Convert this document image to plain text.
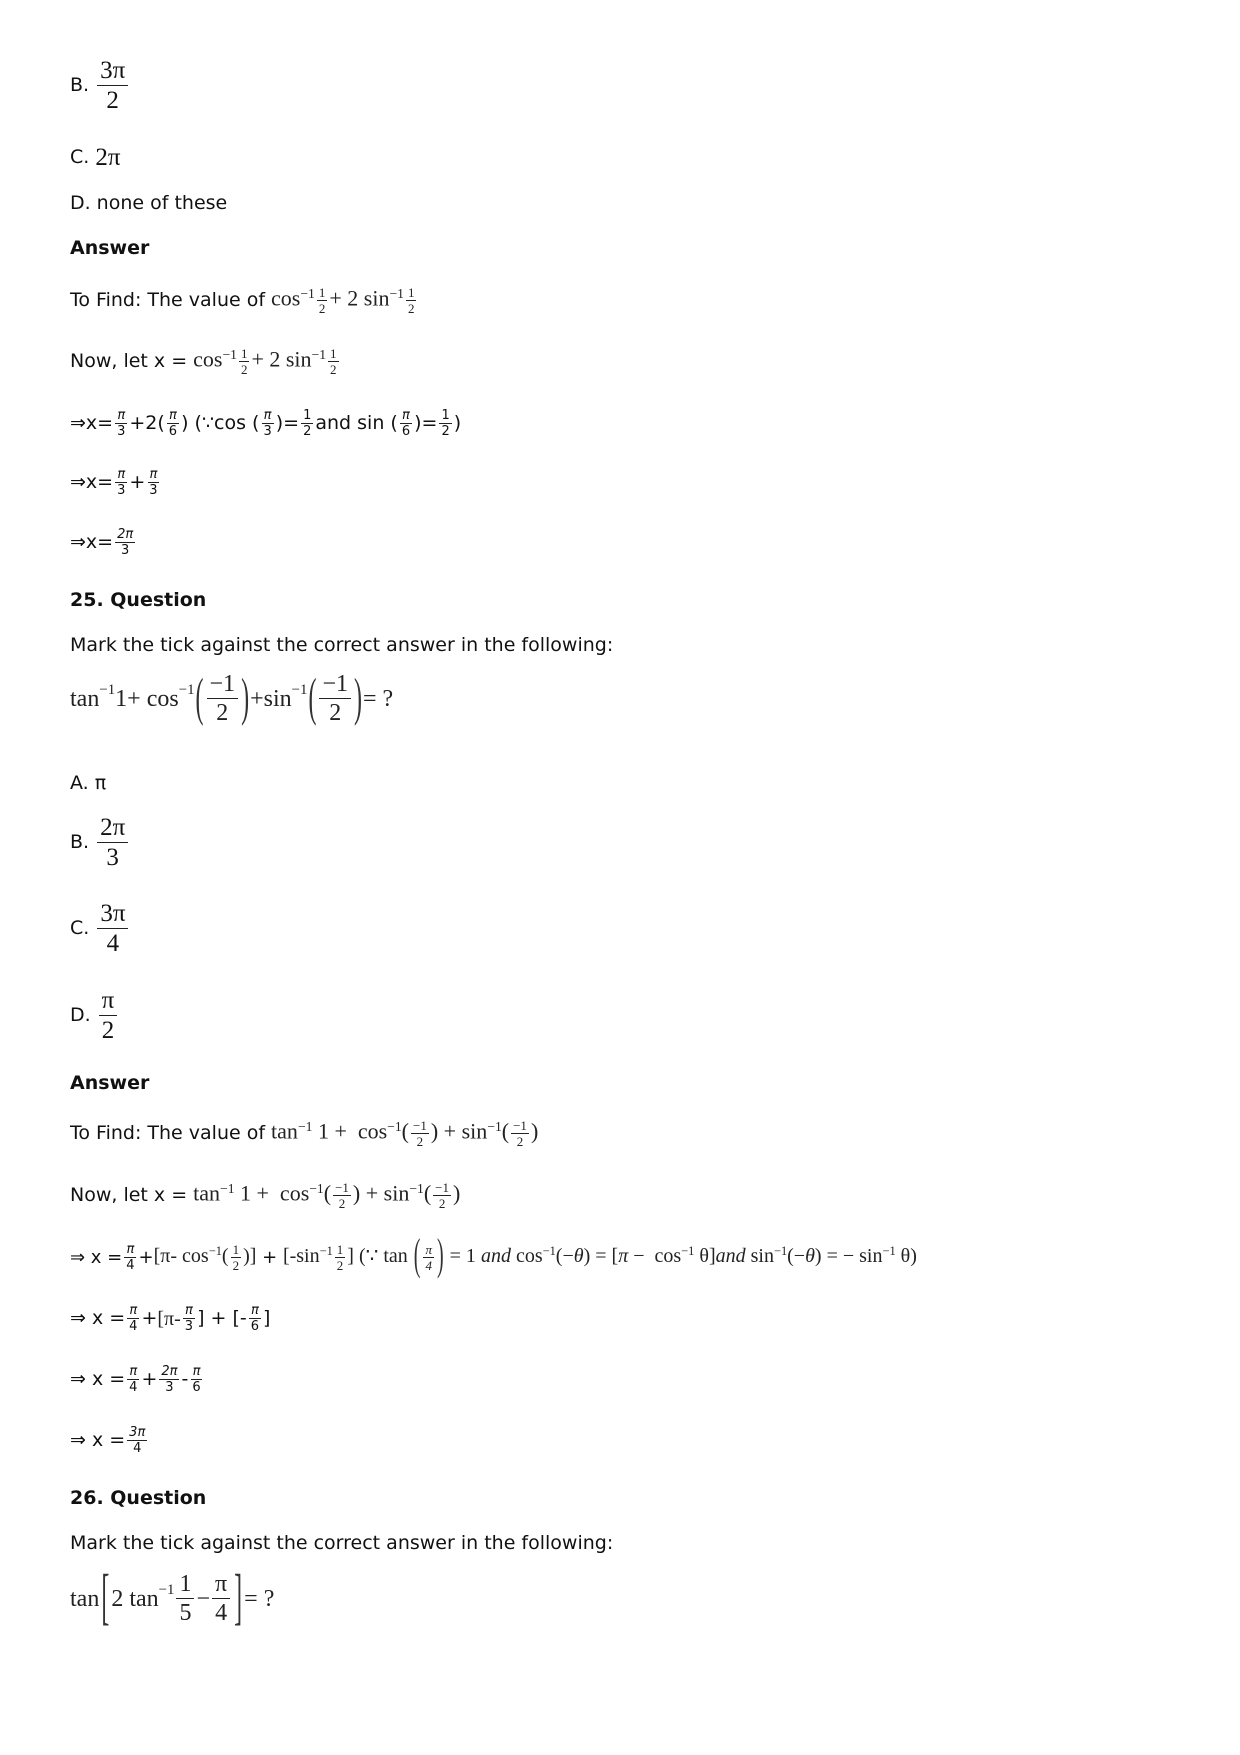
B. $\frac{3\pi}{2}$
C. 2π
D. none of these
Answer
To Find: The value of $\cos^{-1} \frac{1}{2} + 2$ $\sin^{-1} \frac{1}{2}$
Now, let $x = \cos^{-1} \frac{1}{2} + 2$ $\sin^{-1} \frac{1}{2}$
⇒x= $\frac{\pi}{3} +2( \frac{\pi}{6}$ ) (∵cos ( $\frac{\pi}{3}$ )= $\frac{1}{2}$ and sin ( $\frac{\pi}{6}$ )= $\frac{1}{2}$ )
⇒x= $\frac{\pi}{3} + \frac{\pi}{3}$
⇒x= $\frac{2\pi}{3}$
25. Question
Mark the tick against the correct answer in the following:
tan −1 1+ cos −1 ( $\frac{-1}{2}$ ) +sin −1 ( $\frac{-1}{2}$ ) = ?
A. π
B. $\frac{2\pi}{3}$
C. $\frac{3\pi}{4}$
D. $\frac{\pi}{2}$
Answer
To Find: The value of $\tan^{-1} 1 + \cos^{-1}( \frac{-1}{2}$ ) + $\sin^{-1}( \frac{-1}{2}$ )
Now, let $x = \tan^{-1} 1 + \cos^{-1}( \frac{-1}{2}$ ) + $\sin^{-1}( \frac{-1}{2}$ )
⇒ $x = \frac{\pi}{4} + [\pi-$ $\cos^{-1}( \frac{1}{2}$ )] + [$-\sin^{-1} \frac{1}{2}$ ] (∵ tan ( $\frac{\pi}{4}$ ) = 1 and $\cos^{-1}(-\theta) = [\pi - \cos^{-1} \theta]and$ $\sin^{-1}(-\theta)$ = − $\sin^{-1} \theta$)
⇒ $x = \frac{\pi}{4} + [\pi- \frac{\pi}{3}$ ] + [- $\frac{\pi}{6}$ ]
⇒ $x = \frac{\pi}{4} + \frac{2\pi}{3} - \frac{\pi}{6}$
⇒ $x = \frac{3\pi}{4}$
26. Question
Mark the tick against the correct answer in the following:
tan [ 2 $\tan -1 \frac{1}{5} - \frac{\pi}{4}$ ] = ?
